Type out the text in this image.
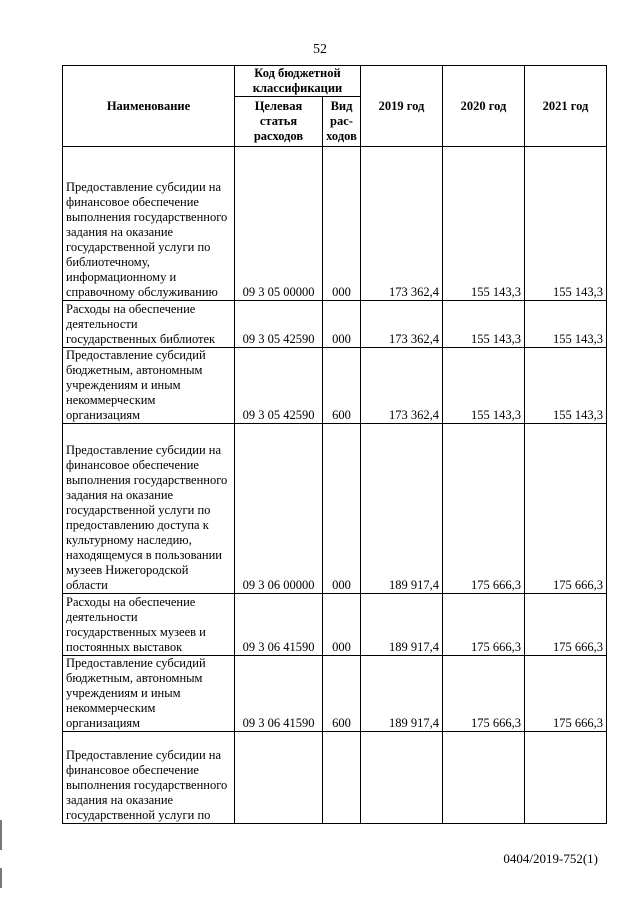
52
Наименование	Код бюджетной классификации		2019 год	2020 год	2021 год
	Целевая статья расходов	Вид рас- ходов			
Предоставление субсидии на финансовое обеспечение выполнения государственного задания на оказание государственной услуги по библиотечному, информационному и справочному обслуживанию	09 3 05 00000	000	173 362,4	155 143,3	155 143,3
Расходы на обеспечение деятельности государственных библиотек	09 3 05 42590	000	173 362,4	155 143,3	155 143,3
Предоставление субсидий бюджетным, автономным учреждениям и иным некоммерческим организациям	09 3 05 42590	600	173 362,4	155 143,3	155 143,3
Предоставление субсидии на финансовое обеспечение выполнения государственного задания на оказание государственной услуги по предоставлению доступа к культурному наследию, находящемуся в пользовании музеев Нижегородской области	09 3 06 00000	000	189 917,4	175 666,3	175 666,3
Расходы на обеспечение деятельности государственных музеев и постоянных выставок	09 3 06 41590	000	189 917,4	175 666,3	175 666,3
Предоставление субсидий бюджетным, автономным учреждениям и иным некоммерческим организациям	09 3 06 41590	600	189 917,4	175 666,3	175 666,3
Предоставление субсидии на финансовое обеспечение выполнения государственного задания на оказание государственной услуги по					
0404/2019-752(1)
